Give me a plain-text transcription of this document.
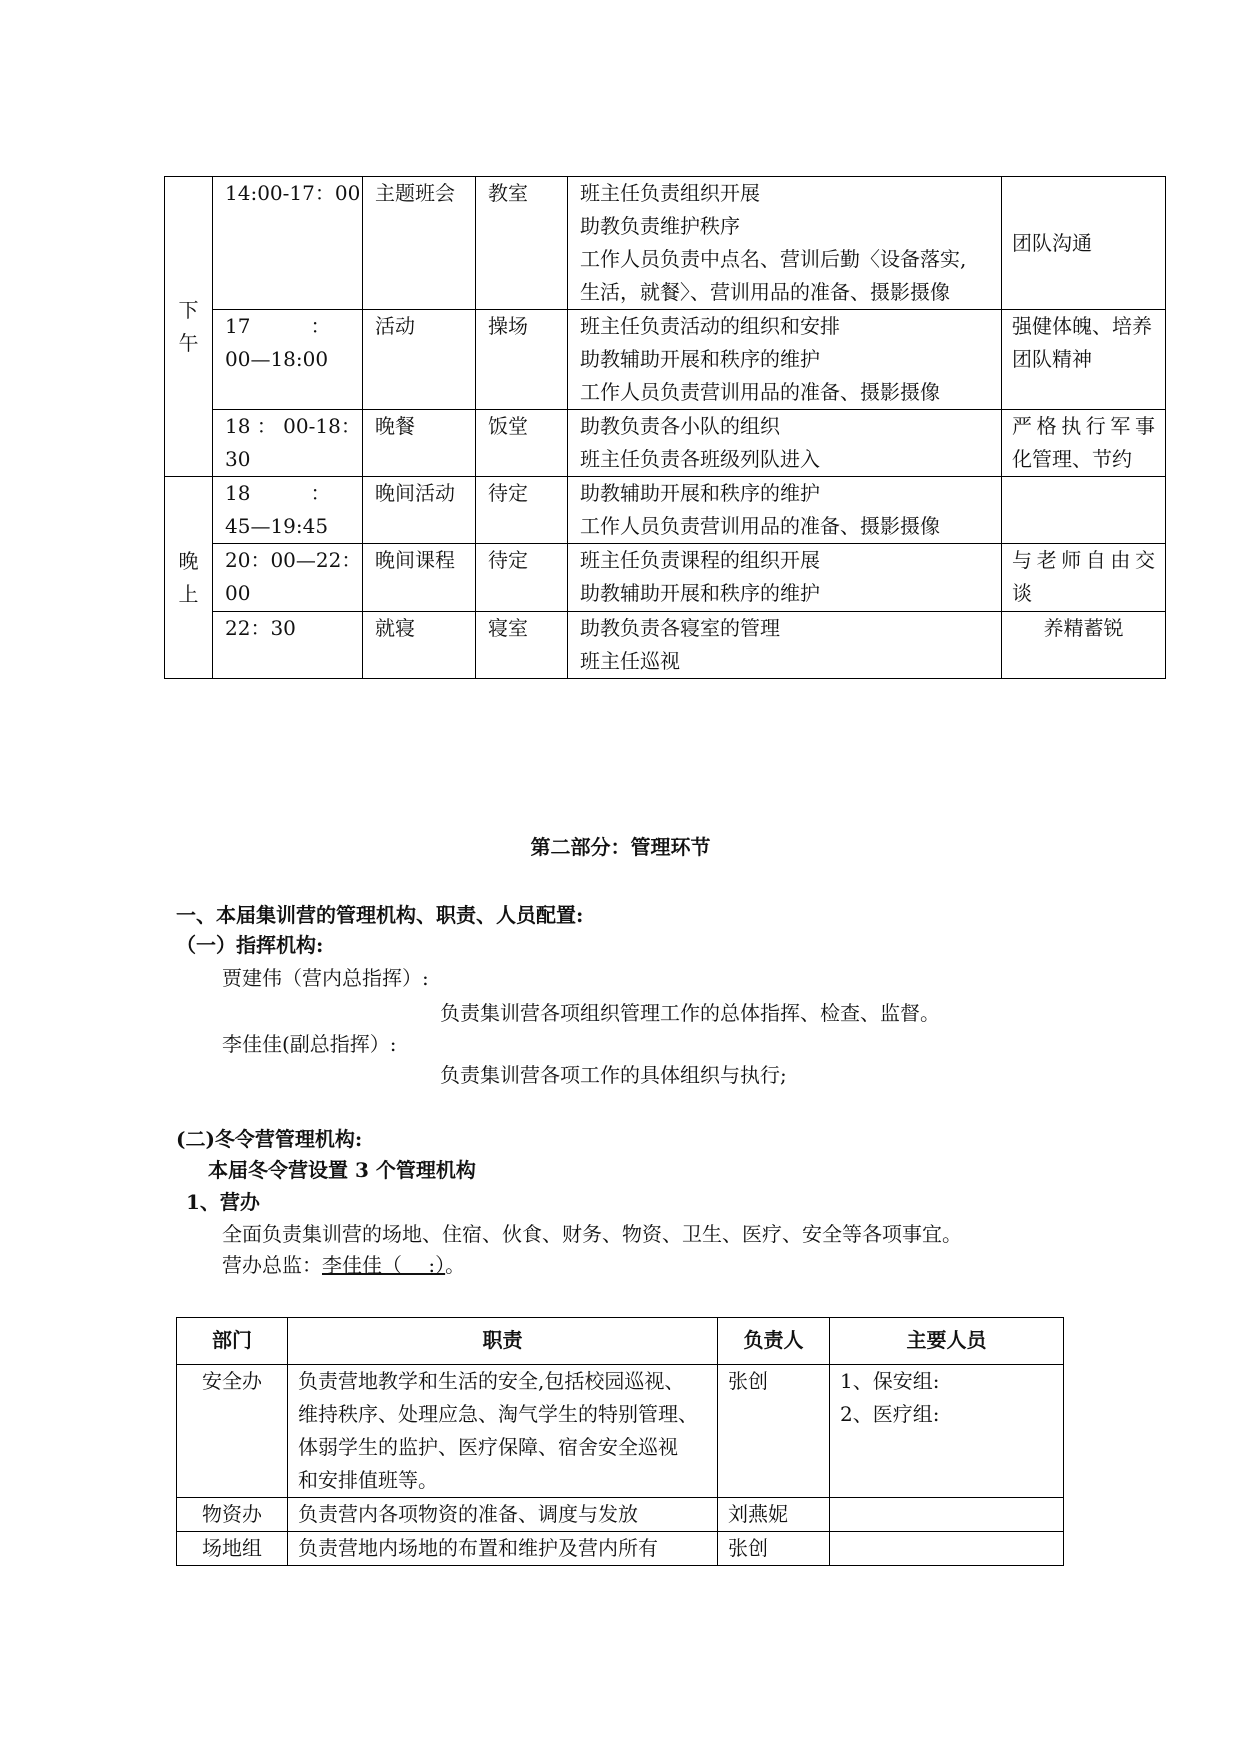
下
午	14:00-17：00	主题班会	教室	班主任负责组织开展
助教负责维护秩序
工作人员负责中点名、营训后勤〈设备落实,
生活，就餐〉、营训用品的准备、摄影摄像	团队沟通

	17　　　：
00—18:00	活动	操场	班主任负责活动的组织和安排
助教辅助开展和秩序的维护
工作人员负责营训用品的准备、摄影摄像	强健体魄、培养
团队精神

	18 ： 00-18：
30	晚餐	饭堂	助教负责各小队的组织
班主任负责各班级列队进入	严格执行军事
化管理、节约

晚
上	18　　　：
45—19:45	晚间活动	待定	助教辅助开展和秩序的维护
工作人员负责营训用品的准备、摄影摄像	

	20：00—22：
00	晚间课程	待定	班主任负责课程的组织开展
助教辅助开展和秩序的维护	与老师自由交
谈

	22：30	就寝	寝室	助教负责各寝室的管理
班主任巡视	养精蓄锐
第二部分：管理环节
一、本届集训营的管理机构、职责、人员配置:
（一）指挥机构:
贾建伟（营内总指挥）:
负责集训营各项组织管理工作的总体指挥、检查、监督。
李佳佳(副总指挥）:
负责集训营各项工作的具体组织与执行;
(二)冬令营管理机构:
本届冬令营设置 3 个管理机构
1、营办
全面负责集训营的场地、住宿、伙食、财务、物资、卫生、医疗、安全等各项事宜。
营办总监：李佳佳（　 :）。
部门	职责	负责人	主要人员
安全办	负责营地教学和生活的安全,包括校园巡视、
维持秩序、处理应急、淘气学生的特别管理、
体弱学生的监护、医疗保障、宿舍安全巡视
和安排值班等。	张创	1、保安组:
2、医疗组:

物资办	负责营内各项物资的准备、调度与发放	刘燕妮	
场地组	负责营地内场地的布置和维护及营内所有	张创	
